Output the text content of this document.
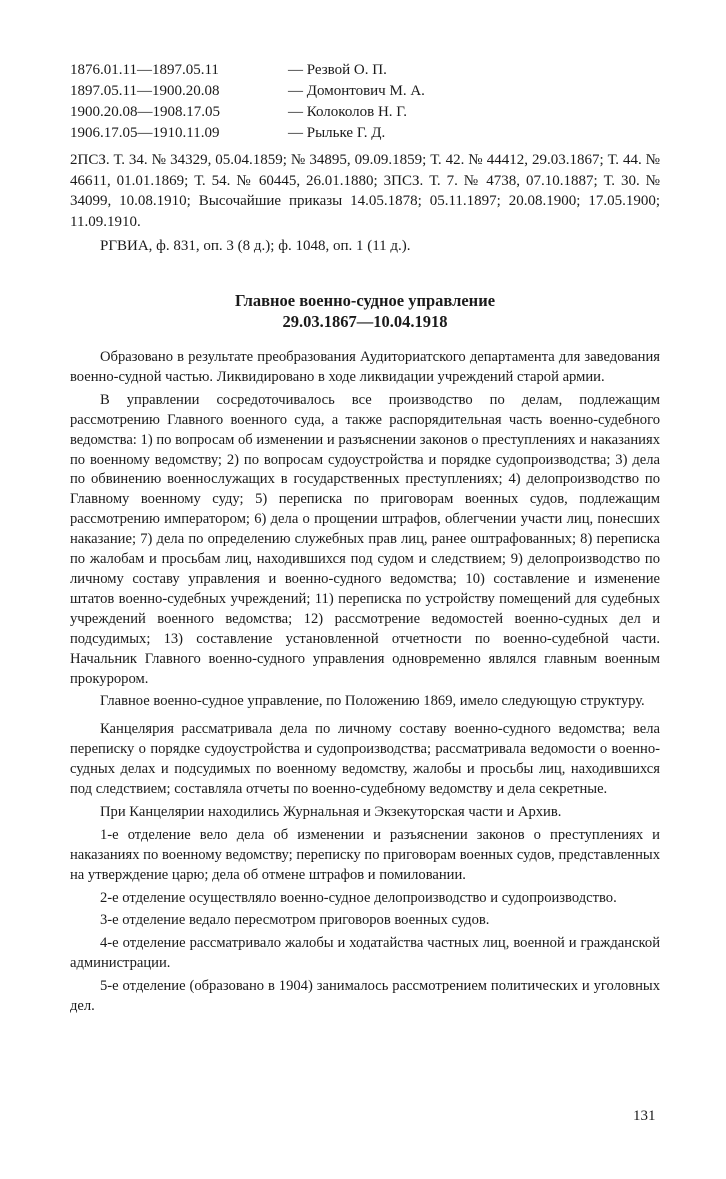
1876.01.11—1897.05.11	— Резвой О. П.
1897.05.11—1900.20.08	— Домонтович М. А.
1900.20.08—1908.17.05	— Колоколов Н. Г.
1906.17.05—1910.11.09	— Рыльке Г. Д.
2ПСЗ. Т. 34. № 34329, 05.04.1859; № 34895, 09.09.1859; Т. 42. № 44412, 29.03.1867; Т. 44. № 46611, 01.01.1869; Т. 54. № 60445, 26.01.1880; 3ПСЗ. Т. 7. № 4738, 07.10.1887; Т. 30. № 34099, 10.08.1910; Высочайшие приказы 14.05.1878; 05.11.1897; 20.08.1900; 17.05.1900; 11.09.1910.
РГВИА, ф. 831, оп. 3 (8 д.); ф. 1048, оп. 1 (11 д.).
Главное военно-судное управление
29.03.1867—10.04.1918

Образовано в результате преобразования Аудиториатского департамента для заведования военно-судной частью. Ликвидировано в ходе ликвидации учреждений старой армии.

В управлении сосредоточивалось все производство по делам, подлежащим рассмотрению Главного военного суда, а также распорядительная часть военно-судебного ведомства: 1) по вопросам об изменении и разъяснении законов о преступлениях и наказаниях по военному ведомству; 2) по вопросам судоустройства и порядке судопроизводства; 3) дела по обвинению военнослужащих в государственных преступлениях; 4) делопроизводство по Главному военному суду; 5) переписка по приговорам военных судов, подлежащим рассмотрению императором; 6) дела о прощении штрафов, облегчении участи лиц, понесших наказание; 7) дела по определению служебных прав лиц, ранее оштрафованных; 8) переписка по жалобам и просьбам лиц, находившихся под судом и следствием; 9) делопроизводство по личному составу управления и военно-судного ведомства; 10) составление и изменение штатов военно-судебных учреждений; 11) переписка по устройству помещений для судебных учреждений военного ведомства; 12) рассмотрение ведомостей военно-судных дел и подсудимых; 13) составление установленной отчетности по военно-судебной части. Начальник Главного военно-судного управления одновременно являлся главным военным прокурором.

Главное военно-судное управление, по Положению 1869, имело следующую структуру.

Канцелярия рассматривала дела по личному составу военно-судного ведомства; вела переписку о порядке судоустройства и судопроизводства; рассматривала ведомости о военно-судных делах и подсудимых по военному ведомству, жалобы и просьбы лиц, находившихся под следствием; составляла отчеты по военно-судебному ведомству и дела секретные.

При Канцелярии находились Журнальная и Экзекуторская части и Архив.

1-е отделение вело дела об изменении и разъяснении законов о преступлениях и наказаниях по военному ведомству; переписку по приговорам военных судов, представленных на утверждение царю; дела об отмене штрафов и помиловании.

2-е отделение осуществляло военно-судное делопроизводство и судопроизводство.

3-е отделение ведало пересмотром приговоров военных судов.

4-е отделение рассматривало жалобы и ходатайства частных лиц, военной и гражданской администрации.

5-е отделение (образовано в 1904) занималось рассмотрением политических и уголовных дел.

131
